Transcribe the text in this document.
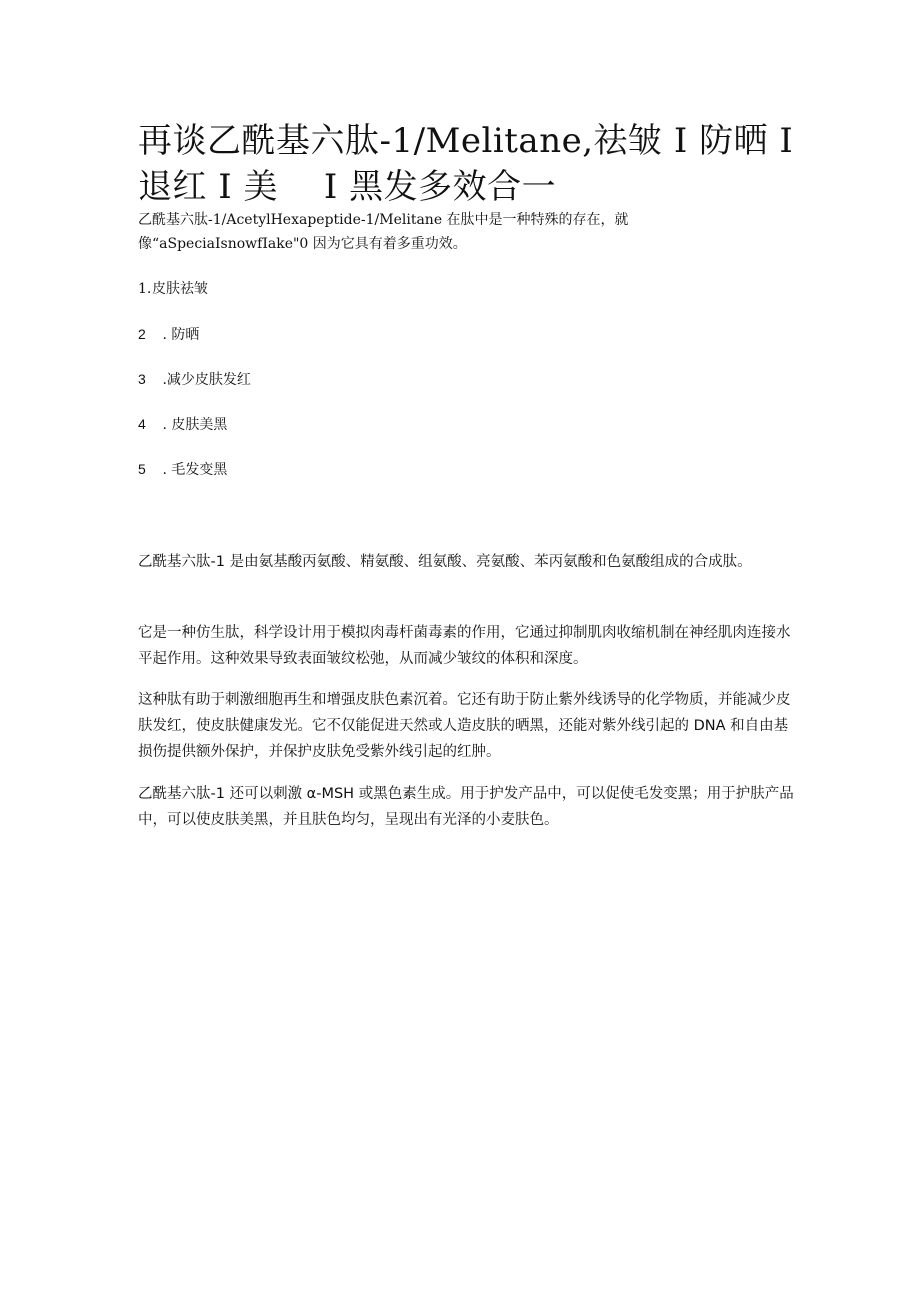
再谈乙酰基六肽-1/Melitane,祛皱 I 防晒 I 退红 I 美　 I 黑发多效合一

乙酰基六肽-1/AcetylHexapeptide-1/Melitane 在肽中是一种特殊的存在，就像“aSpeciaIsnowfIake"0 因为它具有着多重功效。

1.皮肤祛皱
2 . 防晒
3 .减少皮肤发红
4 . 皮肤美黑
5 . 毛发变黑

乙酰基六肽-1 是由氨基酸丙氨酸、精氨酸、组氨酸、亮氨酸、苯丙氨酸和色氨酸组成的合成肽。

它是一种仿生肽，科学设计用于模拟肉毒杆菌毒素的作用，它通过抑制肌肉收缩机制在神经肌肉连接水平起作用。这种效果导致表面皱纹松弛，从而减少皱纹的体积和深度。

这种肽有助于刺激细胞再生和增强皮肤色素沉着。它还有助于防止紫外线诱导的化学物质，并能减少皮肤发红，使皮肤健康发光。它不仅能促进天然或人造皮肤的晒黑，还能对紫外线引起的 DNA 和自由基损伤提供额外保护，并保护皮肤免受紫外线引起的红肿。

乙酰基六肽-1 还可以刺激 α-MSH 或黑色素生成。用于护发产品中，可以促使毛发变黑；用于护肤产品中，可以使皮肤美黑，并且肤色均匀，呈现出有光泽的小麦肤色。
